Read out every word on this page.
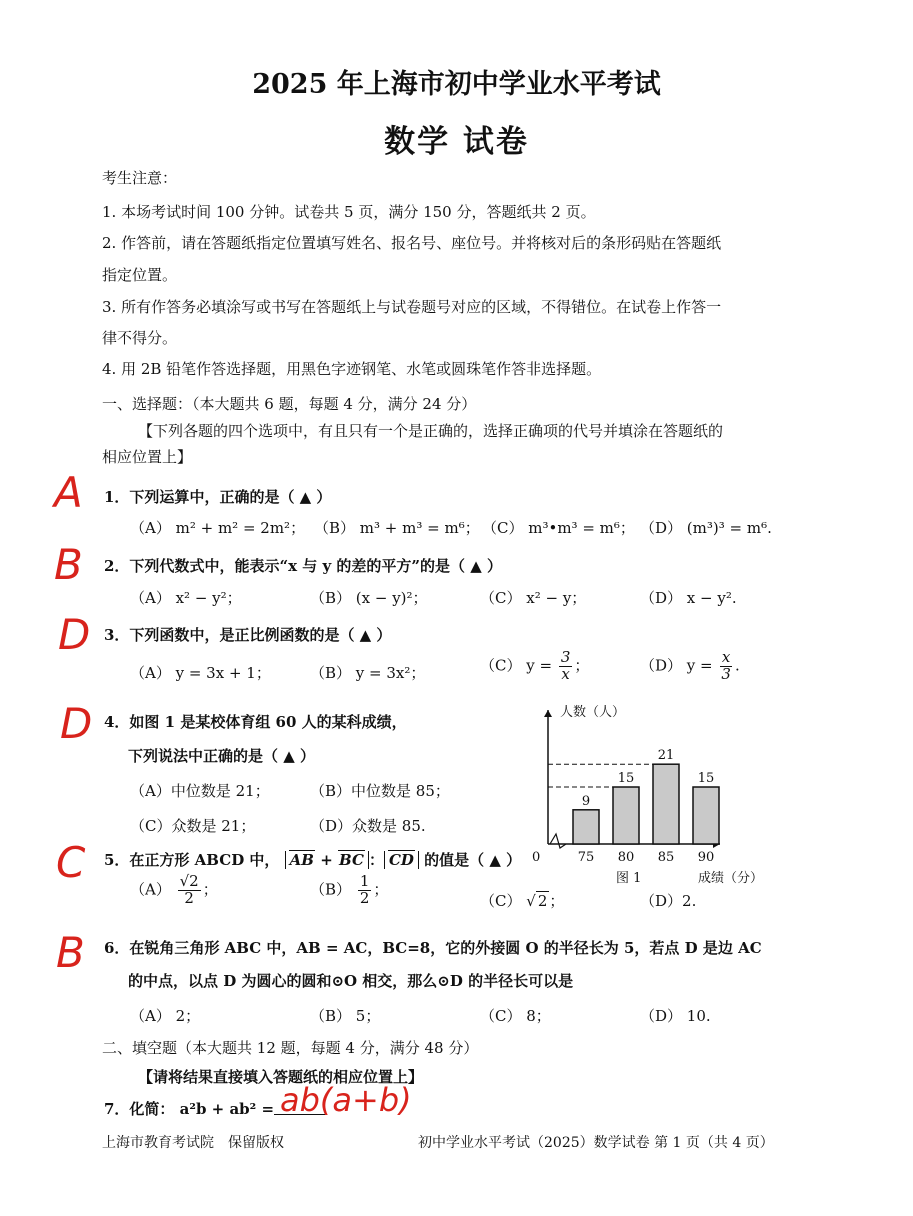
2025 年上海市初中学业水平考试
数学 试卷
考生注意：
1. 本场考试时间 100 分钟。试卷共 5 页，满分 150 分，答题纸共 2 页。
2. 作答前，请在答题纸指定位置填写姓名、报名号、座位号。并将核对后的条形码贴在答题纸
指定位置。
3. 所有作答务必填涂写或书写在答题纸上与试卷题号对应的区域，不得错位。在试卷上作答一
律不得分。
4. 用 2B 铅笔作答选择题，用黑色字迹钢笔、水笔或圆珠笔作答非选择题。
一、选择题：（本大题共 6 题，每题 4 分，满分 24 分）
【下列各题的四个选项中，有且只有一个是正确的，选择正确项的代号并填涂在答题纸的
相应位置上】
A 1．下列运算中，正确的是（ ▲ ）
（A） m² + m² = 2m²； （B） m³ + m³ = m⁶； （C） m³•m³ = m⁶； （D） (m³)³ = m⁶.
B 2．下列代数式中，能表示“x 与 y 的差的平方”的是（ ▲ ）
（A） x² − y²；	（B） (x − y)²；	（C） x² − y；	（D） x − y².
D 3．下列函数中，是正比例函数的是（ ▲ ）
（A） y = 3x + 1；	（B） y = 3x²；	（C） $y = \frac{3}{x}$ ；	（D） $y = \frac{x}{3}$ .
D 4．如图 1 是某校体育组 60 人的某科成绩，
下列说法中正确的是（ ▲ ）
（A）中位数是 21；	（B）中位数是 85；
（C）众数是 21；	（D）众数是 85.
人数（人）
0
图 1	成绩（分）
9
75
15
80
21
85
15
90
C 5．在正方形 ABCD 中， AB + BC ： CD 的值是（ ▲ ）
$(A) \frac{√2}{2}$ ；	$(B) \frac{1}{2}$ ；
（C） √ 2 ；	（D）2.
B 6．在锐角三角形 ABC 中，AB = AC，BC=8，它的外接圆 O 的半径长为 5，若点 D 是边 AC
的中点，以点 D 为圆心的圆和⊙O 相交，那么⊙D 的半径长可以是
（A） 2；	（B） 5；	（C） 8；	（D） 10.
二、填空题（本大题共 12 题，每题 4 分，满分 48 分）
【请将结果直接填入答题纸的相应位置上】
7．化简： a²b + ab² = ab(a+b)
上海市教育考试院　保留版权	初中学业水平考试（2025）数学试卷 第 1 页（共 4 页）
